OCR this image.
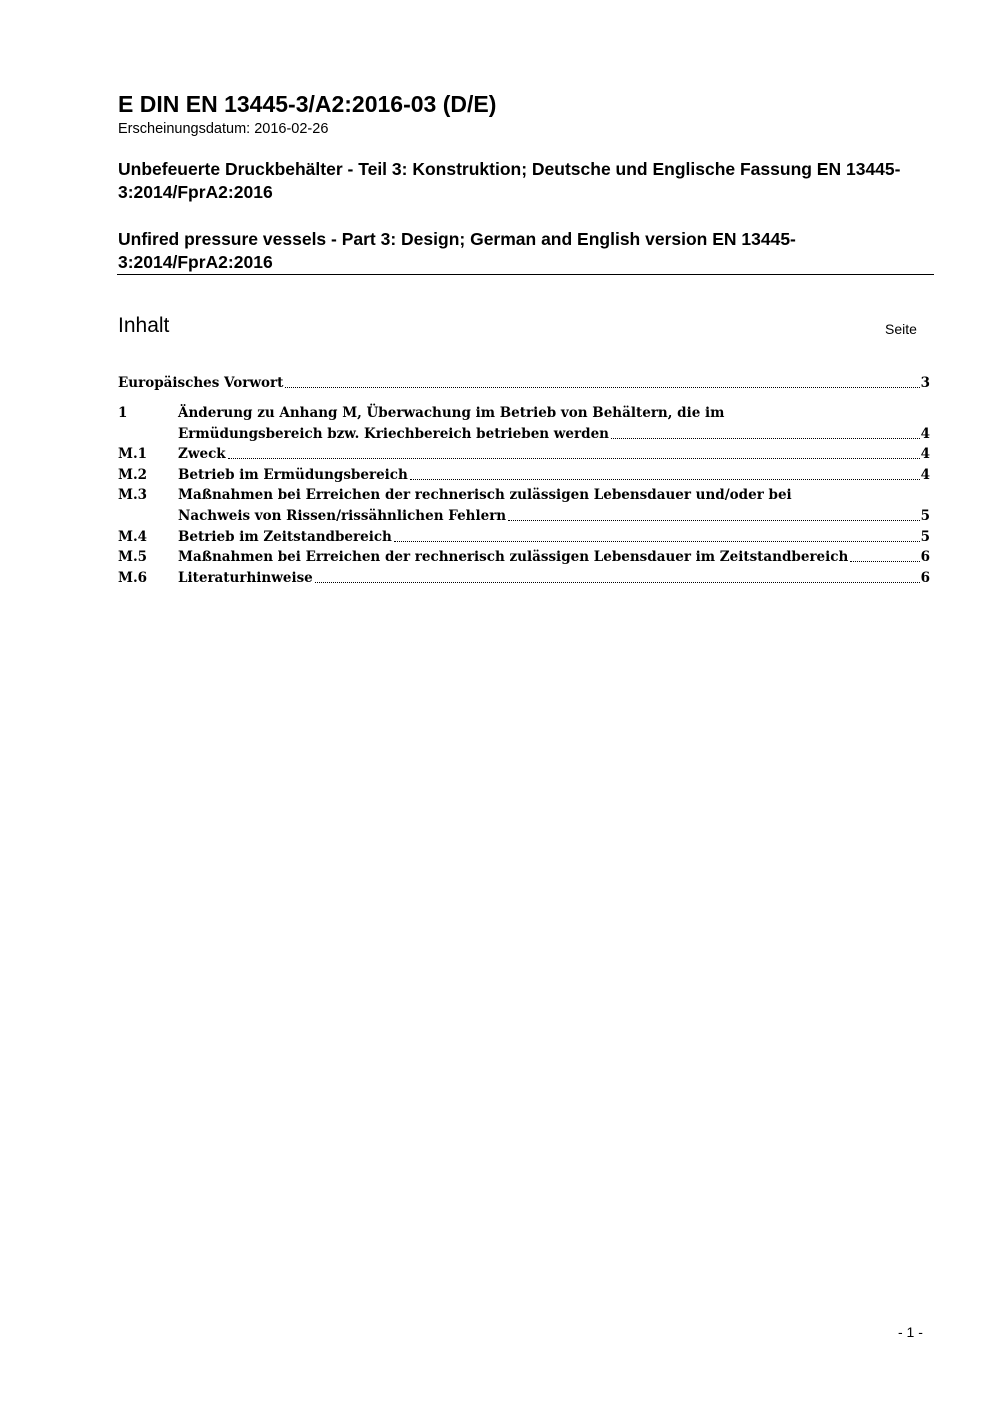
E DIN EN 13445-3/A2:2016-03 (D/E)
Erscheinungsdatum: 2016-02-26
Unbefeuerte Druckbehälter - Teil 3: Konstruktion; Deutsche und Englische Fassung EN 13445-3:2014/FprA2:2016
Unfired pressure vessels - Part 3: Design; German and English version EN 13445-3:2014/FprA2:2016
Inhalt	Seite
Europäisches Vorwort	3
1	Änderung zu Anhang M, Überwachung im Betrieb von Behältern, die im
Ermüdungsbereich bzw. Kriechbereich betrieben werden	4
M.1 Zweck	4
M.2 Betrieb im Ermüdungsbereich	4
M.3 Maßnahmen bei Erreichen der rechnerisch zulässigen Lebensdauer und/oder bei
Nachweis von Rissen/rissähnlichen Fehlern	5
M.4 Betrieb im Zeitstandbereich	5
M.5 Maßnahmen bei Erreichen der rechnerisch zulässigen Lebensdauer im Zeitstandbereich	6
M.6 Literaturhinweise	6
- 1 -
